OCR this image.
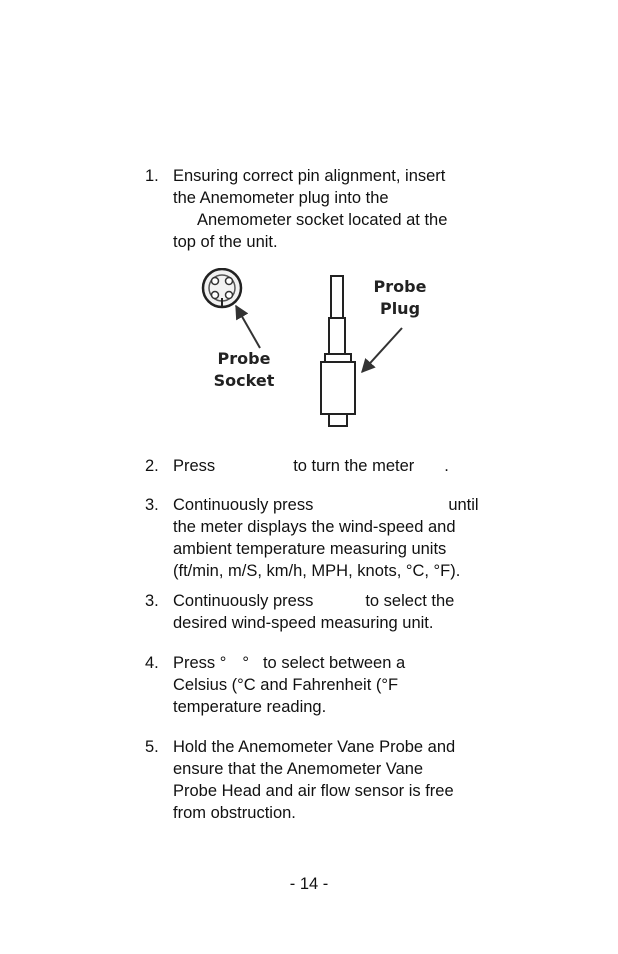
1. Ensuring correct pin alignment, insert
the Anemometer plug into the
Anemometer socket located at the
top of the unit.
Probe
Socket
Probe
Plug
2. Press	to turn the meter .
3. Continuously press	until
the meter displays the wind-speed and
ambient temperature measuring units
(ft/min, m/S, km/h, MPH, knots, °C, °F).
3. Continuously press	to select the
desired wind-speed measuring unit.
4. Press ° ° to select between a
Celsius (°C and Fahrenheit (°F
temperature reading.
5. Hold the Anemometer Vane Probe and
ensure that the Anemometer Vane
Probe Head and air flow sensor is free
from obstruction.
- 14 -
